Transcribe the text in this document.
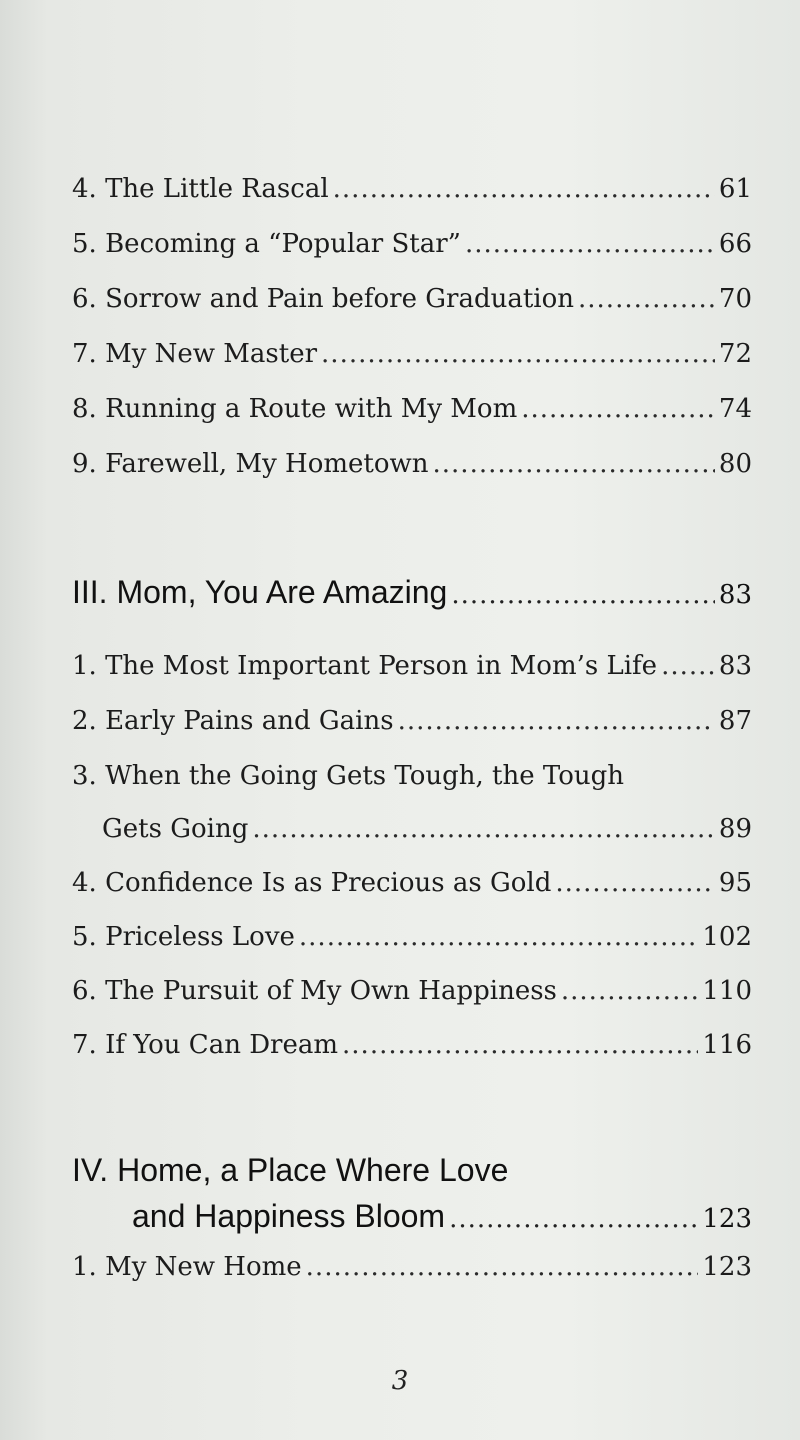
4. The Little Rascal .....	61
5. Becoming a “Popular Star” .....	66
6. Sorrow and Pain before Graduation .....	70
7. My New Master .....	72
8. Running a Route with My Mom .....	74
9. Farewell, My Hometown .....	80
III. Mom, You Are Amazing .....	83
1. The Most Important Person in Mom’s Life ..... 83
2. Early Pains and Gains .....	87
3. When the Going Gets Tough, the Tough
Gets Going .....	89
4. Confidence Is as Precious as Gold .....	95
5. Priceless Love .....	102
6. The Pursuit of My Own Happiness .....	110
7. If You Can Dream .....	116
IV. Home, a Place Where Love
and Happiness Bloom .....	123
1. My New Home .....	123
3
